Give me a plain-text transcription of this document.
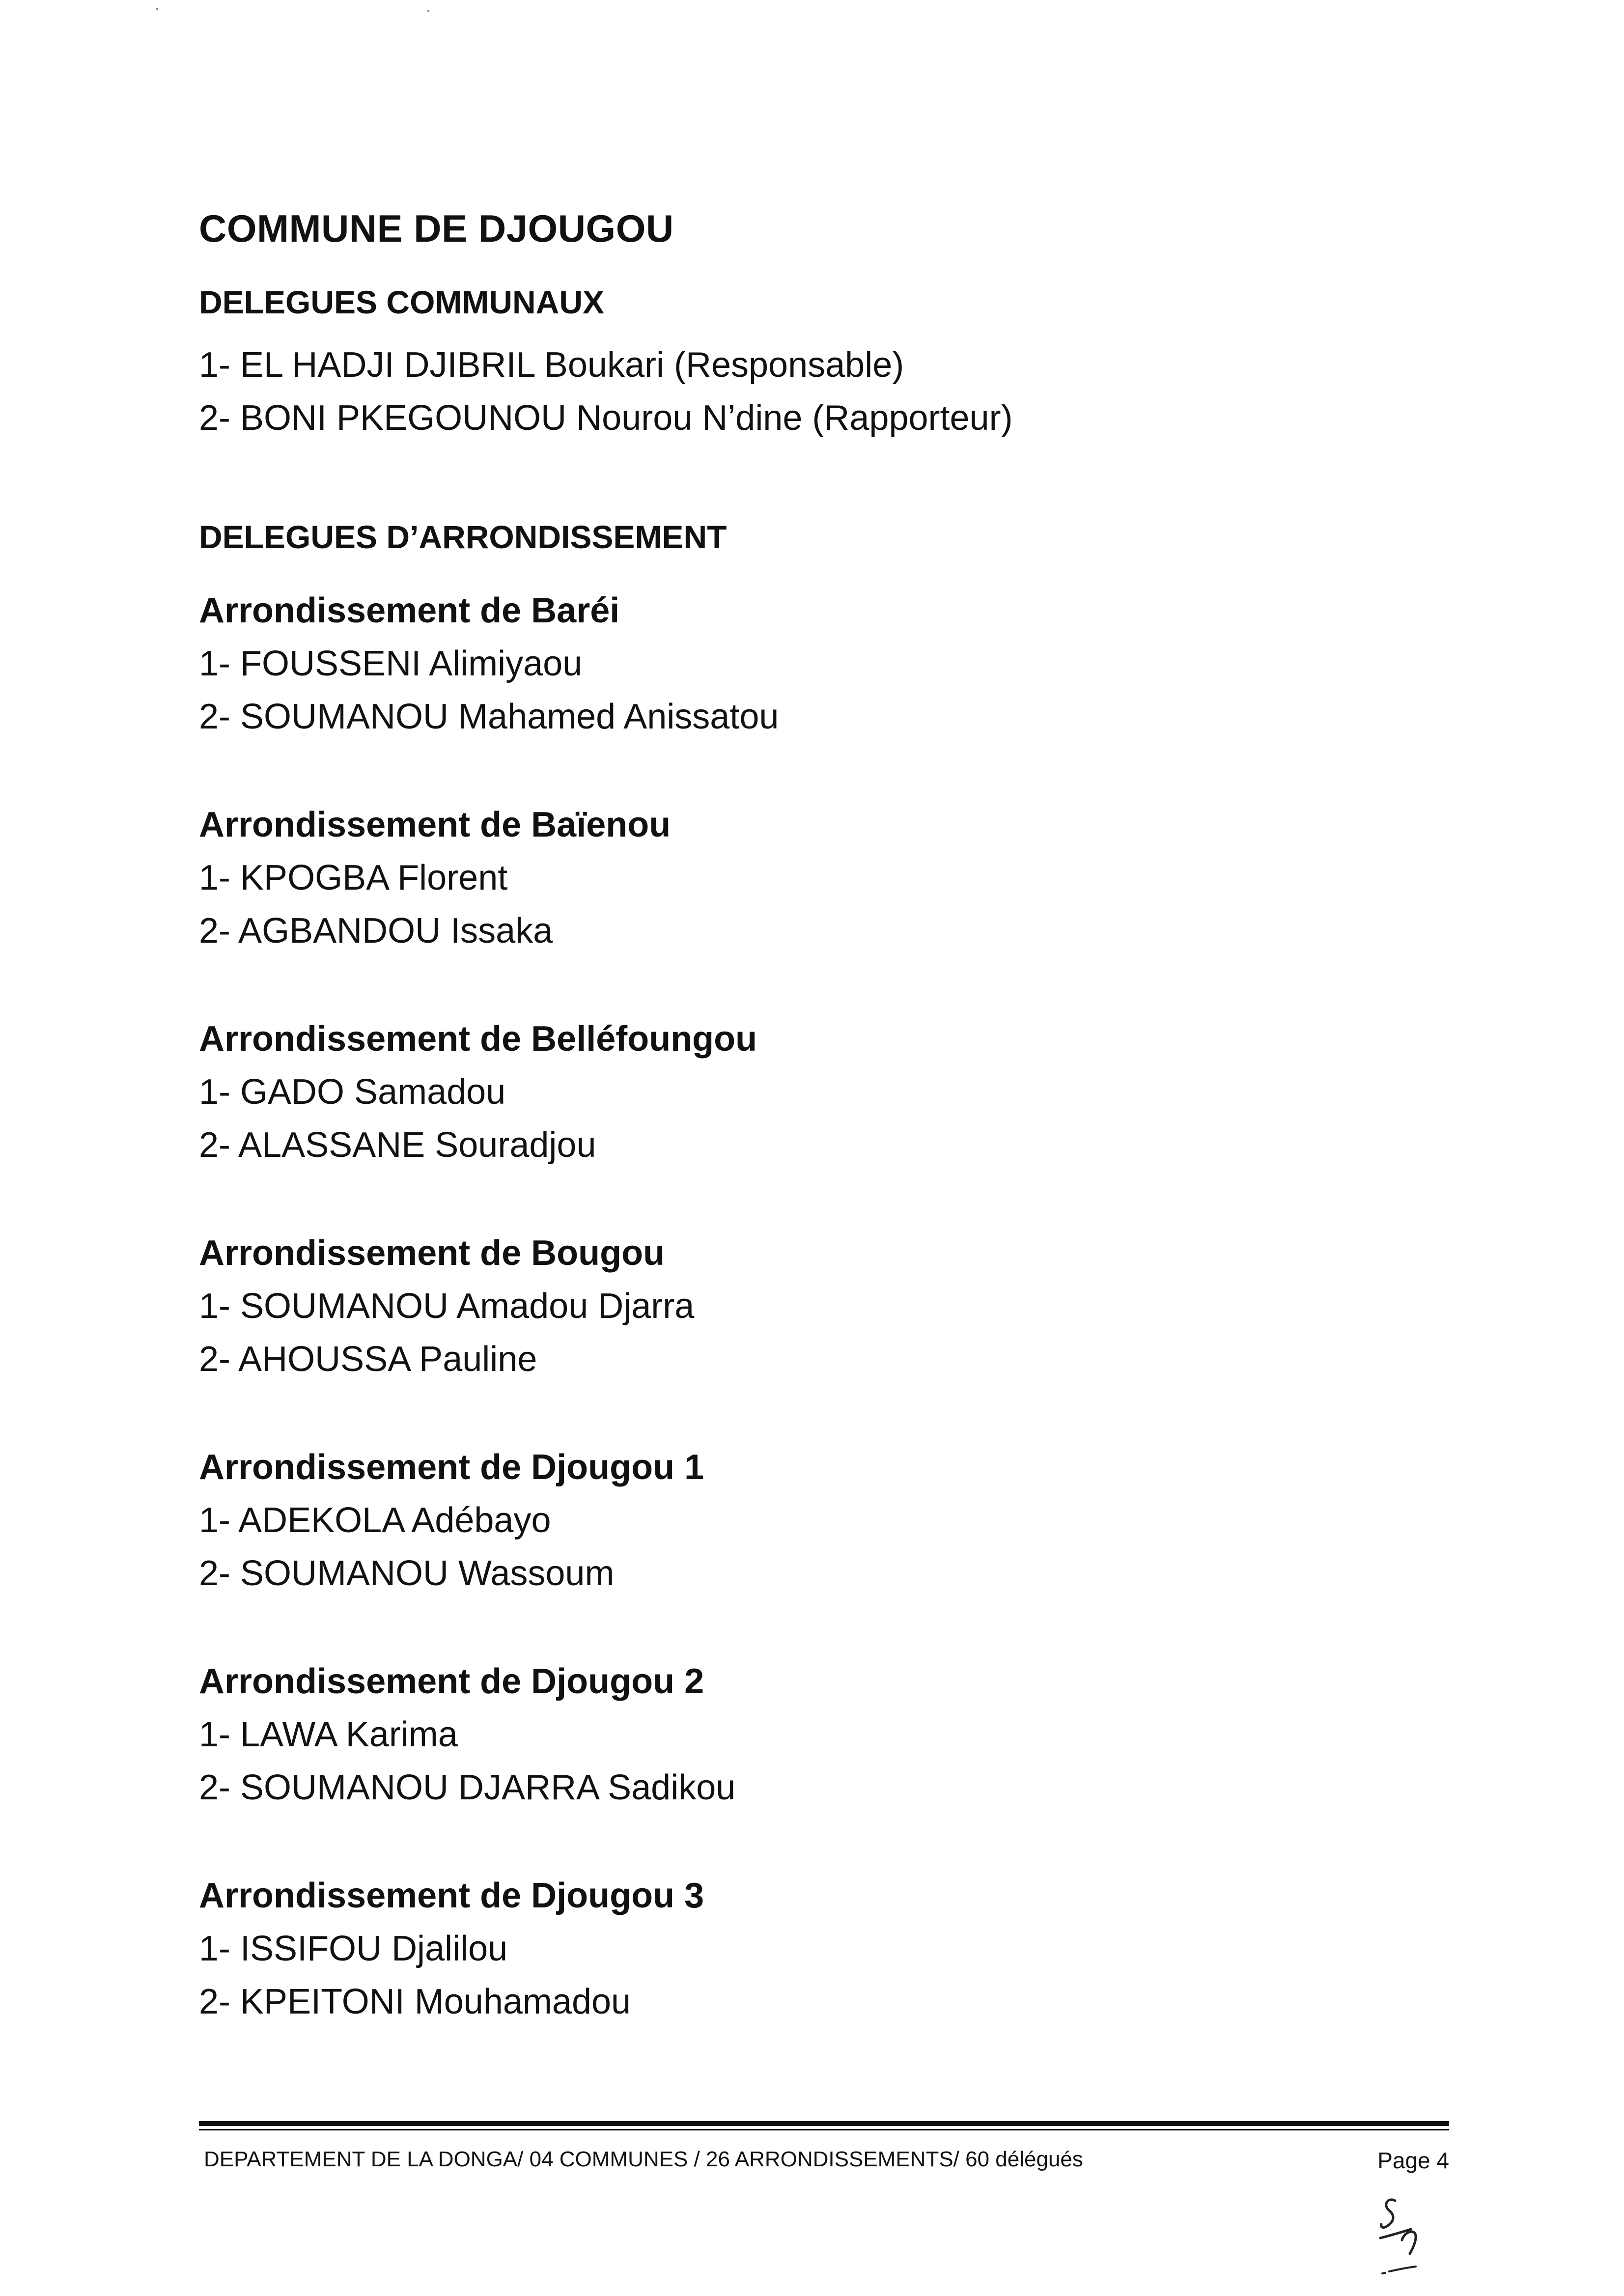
COMMUNE DE DJOUGOU
DELEGUES COMMUNAUX
1- EL HADJI DJIBRIL Boukari (Responsable)
2- BONI PKEGOUNOU Nourou N’dine (Rapporteur)
DELEGUES D’ARRONDISSEMENT
Arrondissement de Baréi
1- FOUSSENI Alimiyaou
2- SOUMANOU Mahamed Anissatou
Arrondissement de Baïenou
1- KPOGBA Florent
2- AGBANDOU Issaka
Arrondissement de Belléfoungou
1- GADO Samadou
2- ALASSANE Souradjou
Arrondissement de Bougou
1- SOUMANOU Amadou Djarra
2- AHOUSSA Pauline
Arrondissement de Djougou 1
1- ADEKOLA Adébayo
2- SOUMANOU Wassoum
Arrondissement de Djougou 2
1- LAWA Karima
2- SOUMANOU DJARRA Sadikou
Arrondissement de Djougou 3
1- ISSIFOU Djalilou
2- KPEITONI Mouhamadou
DEPARTEMENT DE LA DONGA/ 04 COMMUNES / 26 ARRONDISSEMENTS/ 60 délégués	Page 4
